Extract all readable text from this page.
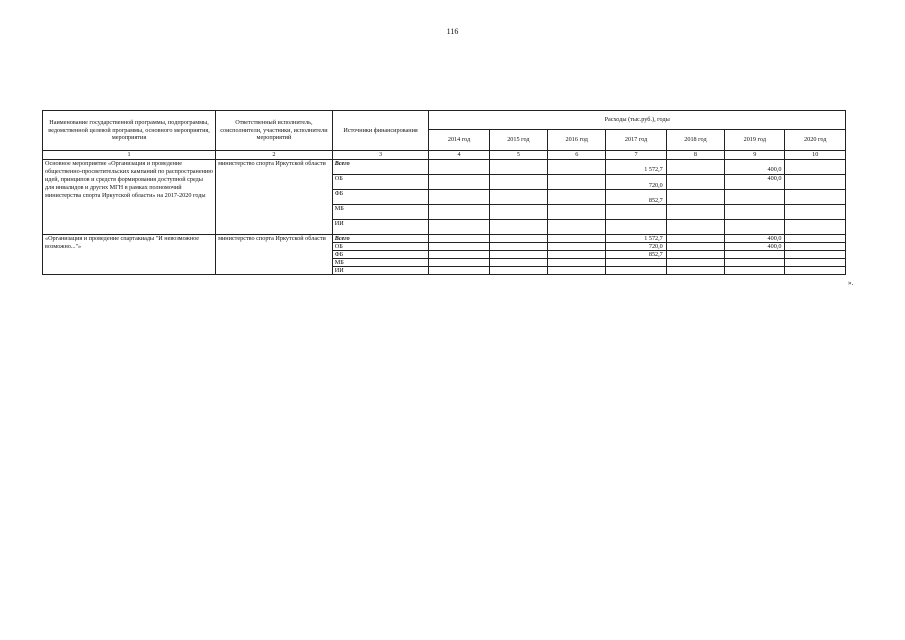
116
Наименование государственной программы, подпрограммы, ведомственной целевой программы, основного мероприятия, мероприятия	Ответственный исполнитель, соисполнители, участники, исполнители мероприятий	Источники финансирования	Расходы (тыс.руб.), годы						
			2014 год	2015 год	2016 год	2017 год	2018 год	2019 год	2020 год
1	2	3	4	5	6	7	8	9	10
Основное мероприятие «Организация и проведение общественно-просветительских кампаний по распространению идей, принципов и средств формирования доступной среды для инвалидов и других МГН в рамках полномочий министерства спорта Иркутской области» на 2017-2020 годы	министерство спорта Иркутской области	Всего				1 572,7		400,0	
		ОБ				720,0		400,0	
		ФБ				852,7			
		МБ							
		ИИ							
«Организация и проведение спартакиады "И невозможное возможно..."»	министерство спорта Иркутской области	Всего				1 572,7		400,0	
		ОБ				720,0		400,0	
		ФБ				852,7			
		МБ							
		ИИ							
».
